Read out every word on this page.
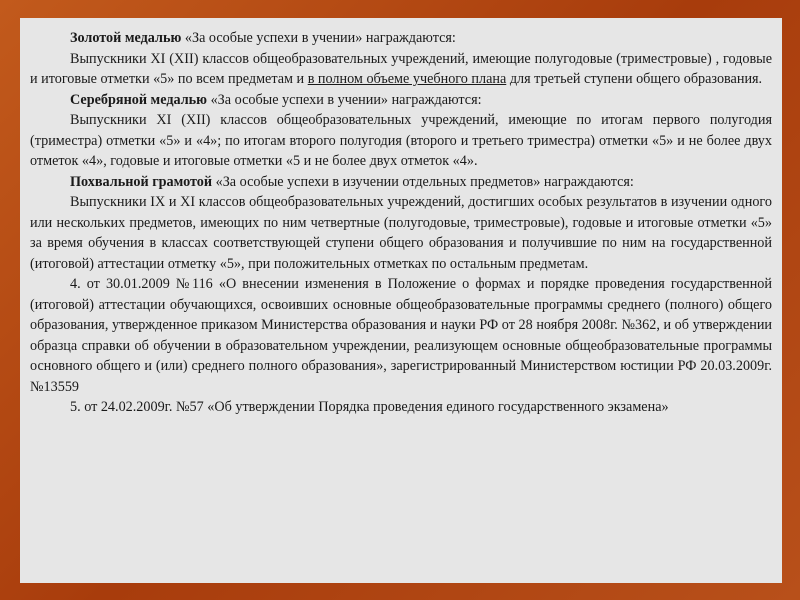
Золотой медалью «За особые успехи в учении» награждаются:

Выпускники XI (XII) классов общеобразовательных учреждений, имеющие полугодовые (триместровые) , годовые и итоговые отметки «5» по всем предметам и в полном объеме учебного плана для третьей ступени общего образования.

Серебряной медалью «За особые успехи в учении» награждаются:

Выпускники XI (XII) классов общеобразовательных учреждений, имеющие по итогам первого полугодия (триместра) отметки «5» и «4»; по итогам второго полугодия (второго и третьего триместра) отметки «5» и не более двух отметок «4», годовые и итоговые отметки «5 и не более двух отметок «4».

Похвальной грамотой «За особые успехи в изучении отдельных предметов» награждаются:

Выпускники IX и XI классов общеобразовательных учреждений, достигших особых результатов в изучении одного или нескольких предметов, имеющих по ним четвертные (полугодовые, триместровые), годовые и итоговые отметки «5» за время обучения в классах соответствующей ступени общего образования и получившие по ним на государственной (итоговой) аттестации отметку «5», при положительных отметках по остальным предметам.

4. от 30.01.2009 №116 «О внесении изменения в Положение о формах и порядке проведения государственной (итоговой) аттестации обучающихся, освоивших основные общеобразовательные программы среднего (полного) общего образования, утвержденное приказом Министерства образования и науки РФ от 28 ноября 2008г. №362, и об утверждении образца справки об обучении в образовательном учреждении, реализующем основные общеобразовательные программы основного общего и (или) среднего полного образования», зарегистрированный Министерством юстиции РФ 20.03.2009г. №13559

5. от 24.02.2009г. №57 «Об утверждении Порядка проведения единого государственного экзамена»
